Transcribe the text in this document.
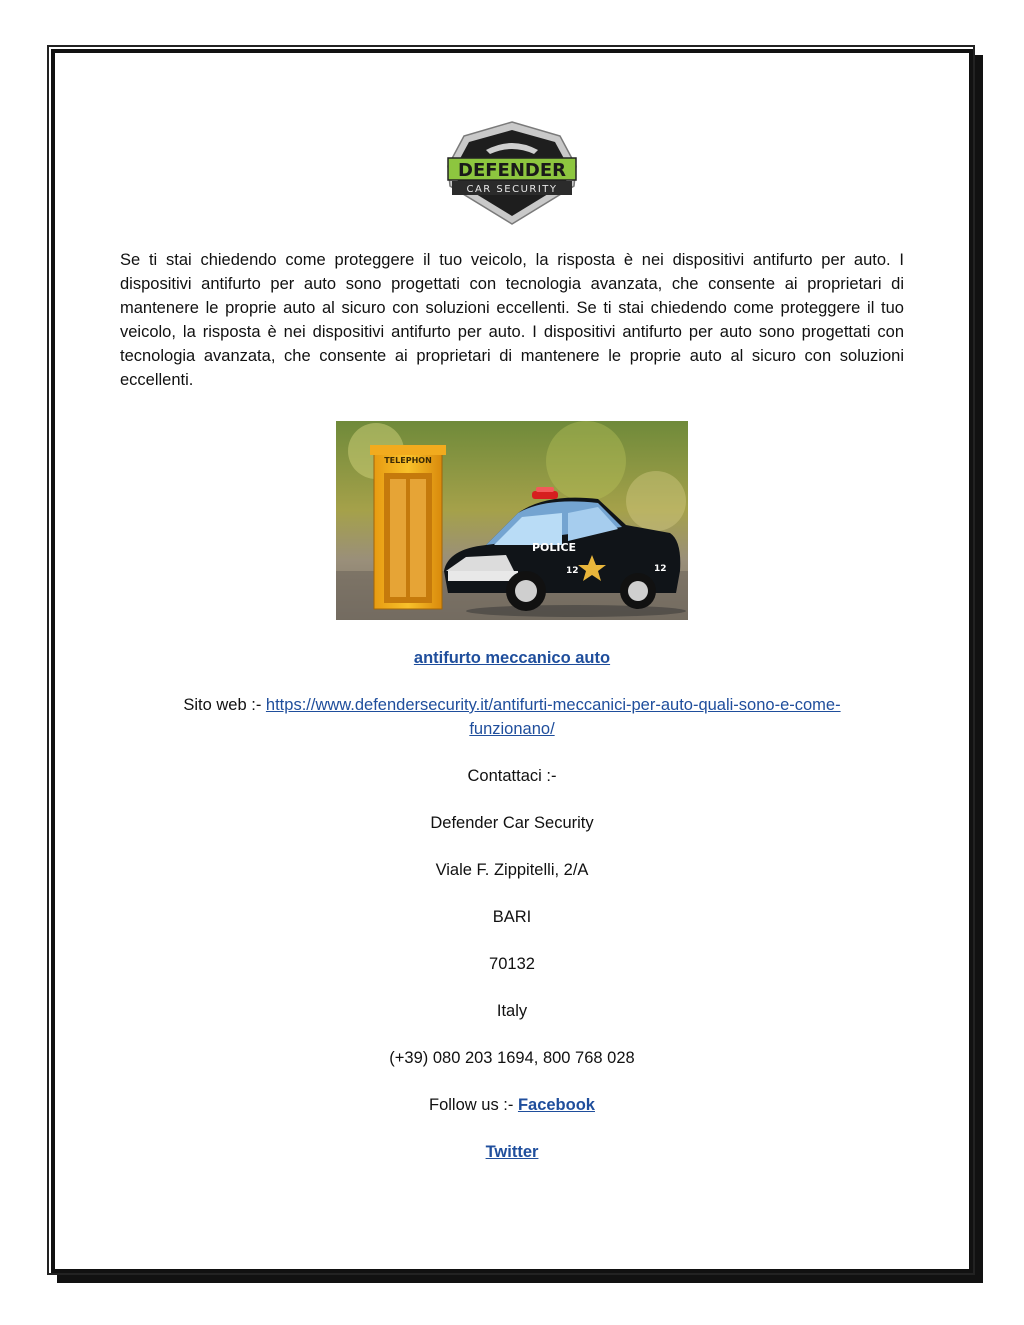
DEFENDER
CAR SECURITY

Se ti stai chiedendo come proteggere il tuo veicolo, la risposta è nei dispositivi antifurto per auto. I dispositivi antifurto per auto sono progettati con tecnologia avanzata, che consente ai proprietari di mantenere le proprie auto al sicuro con soluzioni eccellenti. Se ti stai chiedendo come proteggere il tuo veicolo, la risposta è nei dispositivi antifurto per auto. I dispositivi antifurto per auto sono progettati con tecnologia avanzata, che consente ai proprietari di mantenere le proprie auto al sicuro con soluzioni eccellenti.

TELEPHON
POLICE
12	12
antifurto meccanico auto
Sito web :- https://www.defendersecurity.it/antifurti-meccanici-per-auto-quali-sono-e-come-
funzionano/
Contattaci :-
Defender Car Security
Viale F. Zippitelli, 2/A
BARI
70132
Italy
(+39) 080 203 1694, 800 768 028
Follow us :- Facebook
Twitter
